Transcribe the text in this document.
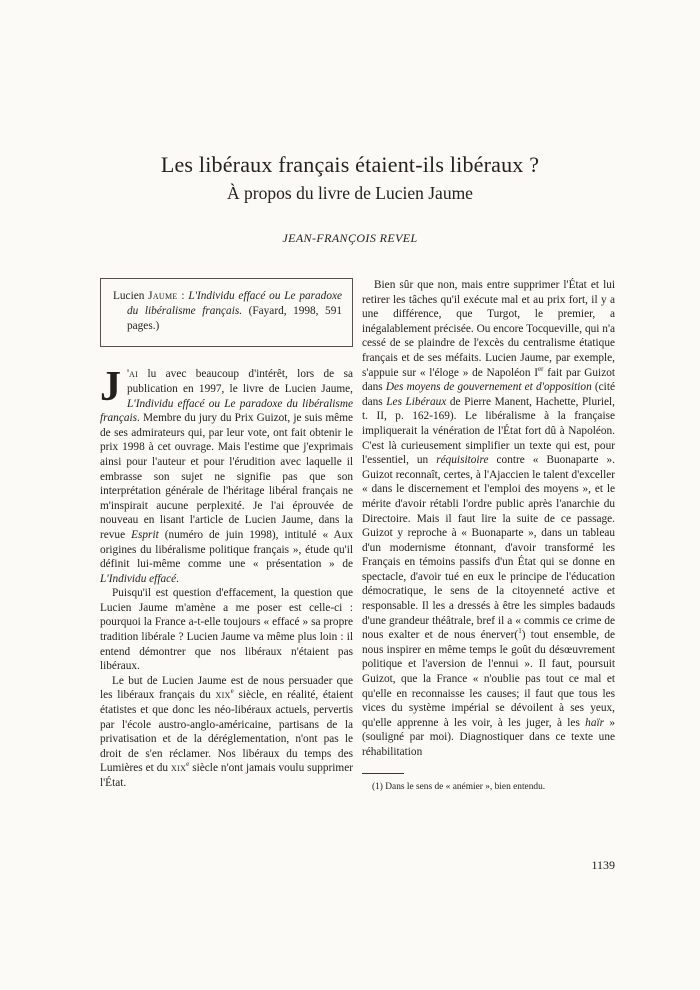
Les libéraux français étaient-ils libéraux ?
À propos du livre de Lucien Jaume
JEAN-FRANÇOIS REVEL

Lucien Jaume : L'Individu effacé ou Le paradoxe du libéralisme français. (Fayard, 1998, 591 pages.)

J 'ai lu avec beaucoup d'intérêt, lors de sa publication en 1997, le livre de Lucien Jaume, L'Individu effacé ou Le paradoxe du libéralisme français. Membre du jury du Prix Guizot, je suis même de ses admirateurs qui, par leur vote, ont fait obtenir le prix 1998 à cet ouvrage. Mais l'estime que j'exprimais ainsi pour l'auteur et pour l'érudition avec laquelle il embrasse son sujet ne signifie pas que son interprétation générale de l'héritage libéral français ne m'inspirait aucune perplexité. Je l'ai éprouvée de nouveau en lisant l'article de Lucien Jaume, dans la revue Esprit (numéro de juin 1998), intitulé « Aux origines du libéralisme politique français », étude qu'il définit lui-même comme une « présentation » de L'Individu effacé.

Puisqu'il est question d'effacement, la question que Lucien Jaume m'amène a me poser est celle-ci : pourquoi la France a-t-elle toujours « effacé » sa propre tradition libérale ? Lucien Jaume va même plus loin : il entend démontrer que nos libéraux n'étaient pas libéraux.

Le but de Lucien Jaume est de nous persuader que les libéraux français du xix$^e$ siècle, en réalité, étaient étatistes et que donc les néo-libéraux actuels, pervertis par l'école austro-anglo-américaine, partisans de la privatisation et de la déréglementation, n'ont pas le droit de s'en réclamer. Nos libéraux du temps des Lumières et du xix$^e$ siècle n'ont jamais voulu supprimer l'État.

Bien sûr que non, mais entre supprimer l'État et lui retirer les tâches qu'il exécute mal et au prix fort, il y a une différence, que Turgot, le premier, a inégalablement précisée. Ou encore Tocqueville, qui n'a cessé de se plaindre de l'excès du centralisme étatique français et de ses méfaits. Lucien Jaume, par exemple, s'appuie sur « l'éloge » de Napoléon Ier fait par Guizot dans Des moyens de gouvernement et d'opposition (cité dans Les Libéraux de Pierre Manent, Hachette, Pluriel, t. II, p. 162-169). Le libéralisme à la française impliquerait la vénération de l'État fort dû à Napoléon. C'est là curieusement simplifier un texte qui est, pour l'essentiel, un réquisitoire contre « Buonaparte ». Guizot reconnaît, certes, à l'Ajaccien le talent d'exceller « dans le discernement et l'emploi des moyens », et le mérite d'avoir rétabli l'ordre public après l'anarchie du Directoire. Mais il faut lire la suite de ce passage. Guizot y reproche à « Buonaparte », dans un tableau d'un modernisme étonnant, d'avoir transformé les Français en témoins passifs d'un État qui se donne en spectacle, d'avoir tué en eux le principe de l'éducation démocratique, le sens de la citoyenneté active et responsable. Il les a dressés à être les simples badauds d'une grandeur théâtrale, bref il a « commis ce crime de nous exalter et de nous énerver($^1$) tout ensemble, de nous inspirer en même temps le goût du désœuvrement politique et l'aversion de l'ennui ». Il faut, poursuit Guizot, que la France « n'oublie pas tout ce mal et qu'elle en reconnaisse les causes; il faut que tous les vices du système impérial se dévoilent à ses yeux, qu'elle apprenne à les voir, à les juger, à les haïr » (souligné par moi). Diagnostiquer dans ce texte une réhabilitation

(1) Dans le sens de « anémier », bien entendu.

1139
